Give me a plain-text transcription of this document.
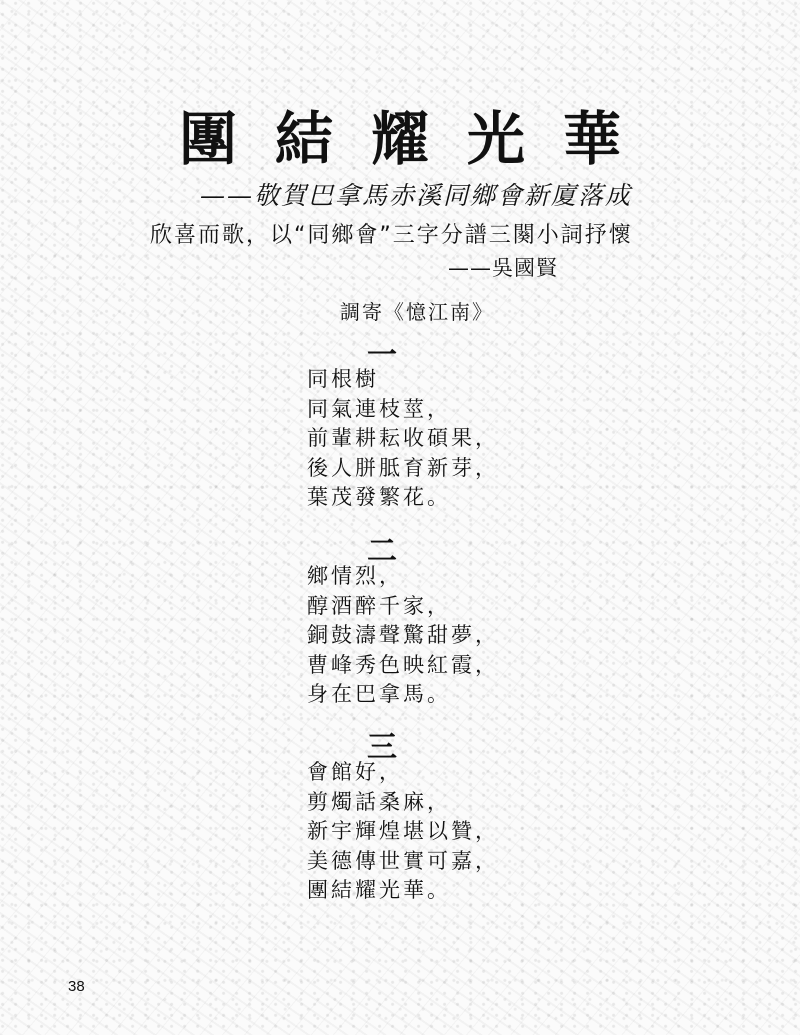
團結耀光華
——敬賀巴拿馬赤溪同鄉會新廈落成
欣喜而歌，以“同鄉會”三字分譜三闋小詞抒懷
——吳國賢
調寄《憶江南》
一
同根樹
同氣連枝莖，
前輩耕耘收碩果，
後人胼胝育新芽，
葉茂發繁花。
二
鄉情烈，
醇酒醉千家，
銅鼓濤聲驚甜夢，
曹峰秀色映紅霞，
身在巴拿馬。
三
會館好，
剪燭話桑麻，
新宇輝煌堪以贊，
美德傳世實可嘉，
團結耀光華。
38
